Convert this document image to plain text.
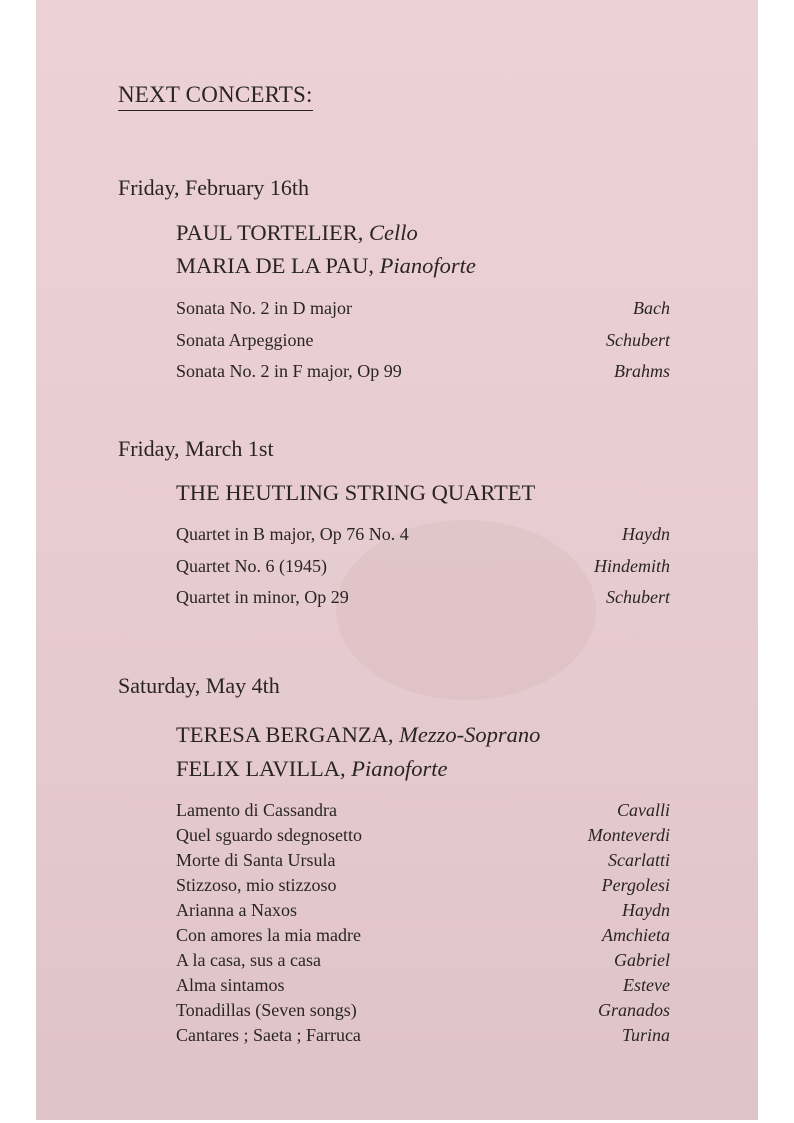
NEXT CONCERTS:
Friday, February 16th
PAUL TORTELIER, Cello
MARIA DE LA PAU, Pianoforte
Sonata No. 2 in D major	Bach
Sonata Arpeggione	Schubert
Sonata No. 2 in F major, Op 99	Brahms
Friday, March 1st
THE HEUTLING STRING QUARTET
Quartet in B major, Op 76 No. 4	Haydn
Quartet No. 6 (1945)	Hindemith
Quartet in minor, Op 29	Schubert
Saturday, May 4th
TERESA BERGANZA, Mezzo-Soprano
FELIX LAVILLA, Pianoforte
Lamento di Cassandra	Cavalli
Quel sguardo sdegnosetto	Monteverdi
Morte di Santa Ursula	Scarlatti
Stizzoso, mio stizzoso	Pergolesi
Arianna a Naxos	Haydn
Con amores la mia madre	Amchieta
A la casa, sus a casa	Gabriel
Alma sintamos	Esteve
Tonadillas (Seven songs)	Granados
Cantares ; Saeta ; Farruca	Turina
